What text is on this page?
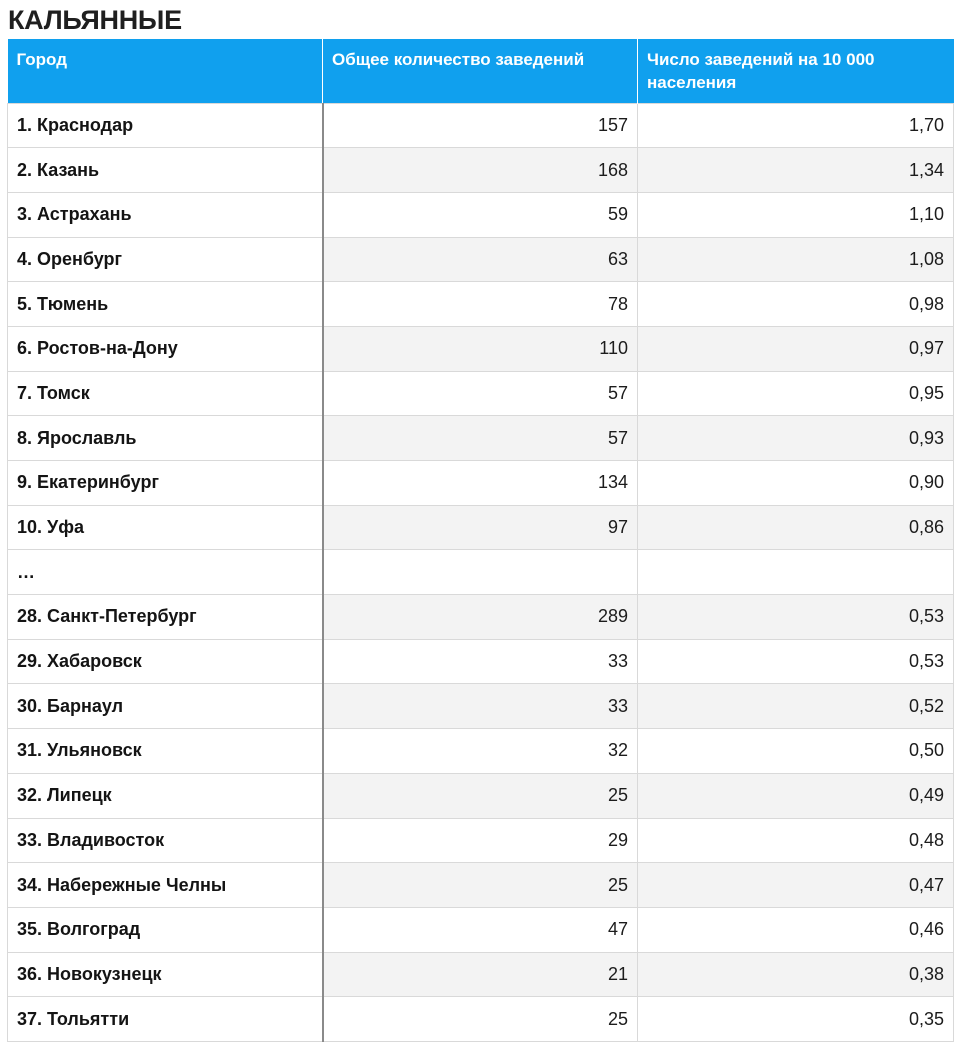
КАЛЬЯННЫЕ
Город	Общее количество заведений	Число заведений на 10 000 населения
1. Краснодар	157	1,70
2. Казань	168	1,34
3. Астрахань	59	1,10
4. Оренбург	63	1,08
5. Тюмень	78	0,98
6. Ростов-на-Дону	110	0,97
7. Томск	57	0,95
8. Ярославль	57	0,93
9. Екатеринбург	134	0,90
10. Уфа	97	0,86
…		
28. Санкт-Петербург	289	0,53
29. Хабаровск	33	0,53
30. Барнаул	33	0,52
31. Ульяновск	32	0,50
32. Липецк	25	0,49
33. Владивосток	29	0,48
34. Набережные Челны	25	0,47
35. Волгоград	47	0,46
36. Новокузнецк	21	0,38
37. Тольятти	25	0,35
